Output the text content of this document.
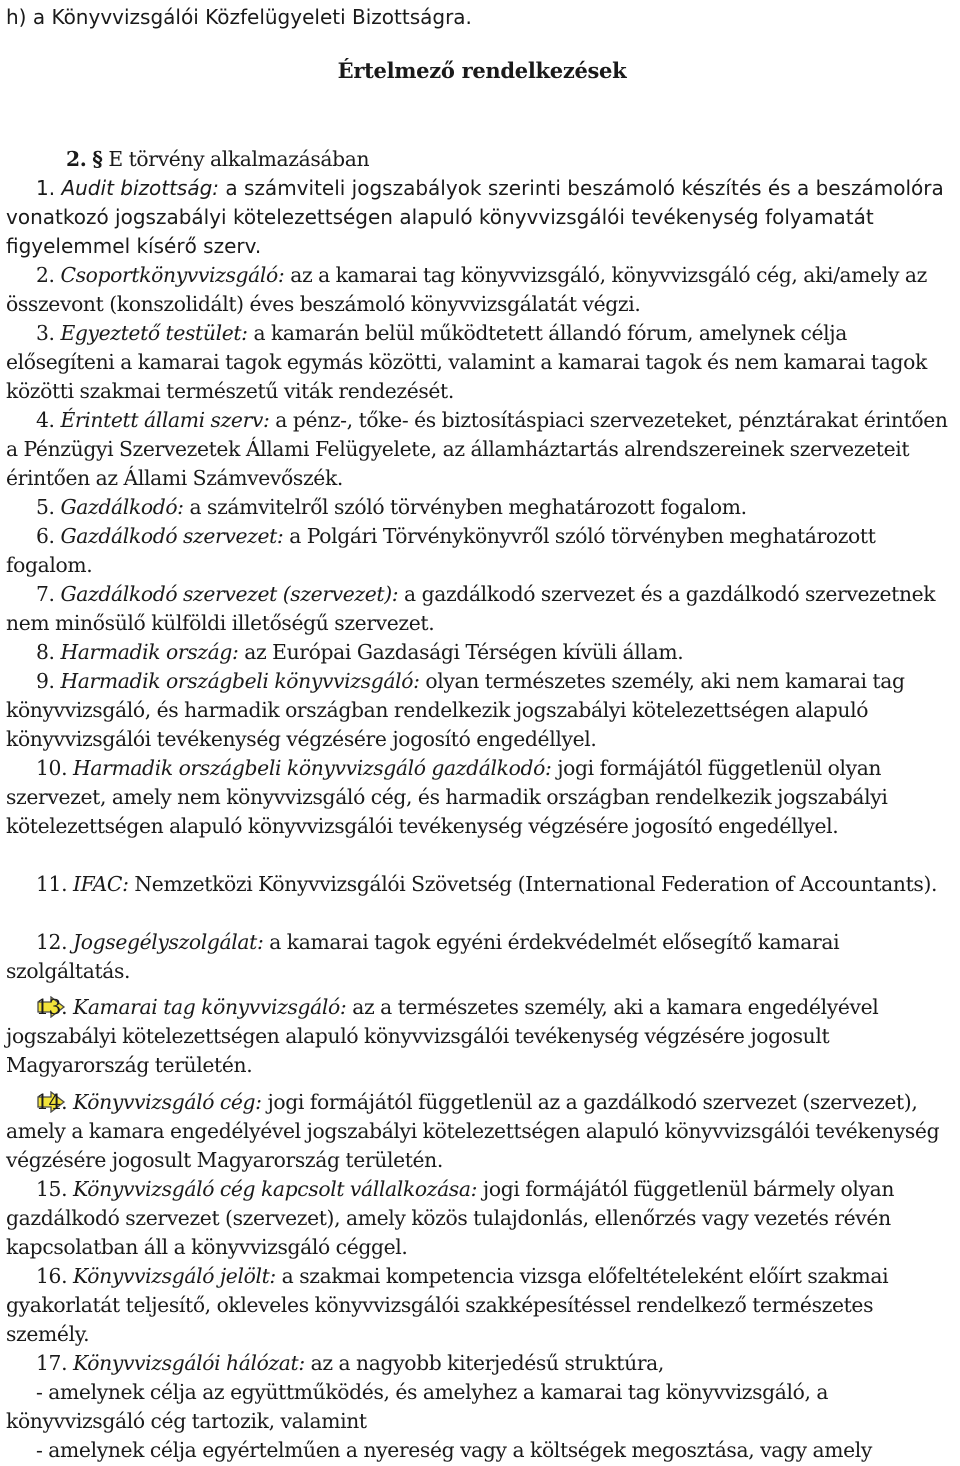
h) a Könyvvizsgálói Közfelügyeleti Bizottságra.
Értelmező rendelkezések
2. § E törvény alkalmazásában
1. Audit bizottság: a számviteli jogszabályok szerinti beszámoló készítés és a beszámolóra vonatkozó jogszabályi kötelezettségen alapuló könyvvizsgálói tevékenység folyamatát figyelemmel kísérő szerv.
2. Csoportkönyvvizsgáló: az a kamarai tag könyvvizsgáló, könyvvizsgáló cég, aki/amely az összevont (konszolidált) éves beszámoló könyvvizsgálatát végzi.
3. Egyeztető testület: a kamarán belül működtetett állandó fórum, amelynek célja elősegíteni a kamarai tagok egymás közötti, valamint a kamarai tagok és nem kamarai tagok közötti szakmai természetű viták rendezését.
4. Érintett állami szerv: a pénz-, tőke- és biztosításpiaci szervezeteket, pénztárakat érintően a Pénzügyi Szervezetek Állami Felügyelete, az államháztartás alrendszereinek szervezeteit érintően az Állami Számvevőszék.
5. Gazdálkodó: a számvitelről szóló törvényben meghatározott fogalom.
6. Gazdálkodó szervezet: a Polgári Törvénykönyvről szóló törvényben meghatározott fogalom.
7. Gazdálkodó szervezet (szervezet): a gazdálkodó szervezet és a gazdálkodó szervezetnek nem minősülő külföldi illetőségű szervezet.
8. Harmadik ország: az Európai Gazdasági Térségen kívüli állam.
9. Harmadik országbeli könyvvizsgáló: olyan természetes személy, aki nem kamarai tag könyvvizsgáló, és harmadik országban rendelkezik jogszabályi kötelezettségen alapuló könyvvizsgálói tevékenység végzésére jogosító engedéllyel.
10. Harmadik országbeli könyvvizsgáló gazdálkodó: jogi formájától függetlenül olyan szervezet, amely nem könyvvizsgáló cég, és harmadik országban rendelkezik jogszabályi kötelezettségen alapuló könyvvizsgálói tevékenység végzésére jogosító engedéllyel.
11. IFAC: Nemzetközi Könyvvizsgálói Szövetség (International Federation of Accountants).
12. Jogsegélyszolgálat: a kamarai tagok egyéni érdekvédelmét elősegítő kamarai szolgáltatás.
13. Kamarai tag könyvvizsgáló: az a természetes személy, aki a kamara engedélyével jogszabályi kötelezettségen alapuló könyvvizsgálói tevékenység végzésére jogosult Magyarország területén.
14. Könyvvizsgáló cég: jogi formájától függetlenül az a gazdálkodó szervezet (szervezet), amely a kamara engedélyével jogszabályi kötelezettségen alapuló könyvvizsgálói tevékenység végzésére jogosult Magyarország területén.
15. Könyvvizsgáló cég kapcsolt vállalkozása: jogi formájától függetlenül bármely olyan gazdálkodó szervezet (szervezet), amely közös tulajdonlás, ellenőrzés vagy vezetés révén kapcsolatban áll a könyvvizsgáló céggel.
16. Könyvvizsgáló jelölt: a szakmai kompetencia vizsga előfeltételeként előírt szakmai gyakorlatát teljesítő, okleveles könyvvizsgálói szakképesítéssel rendelkező természetes személy.
17. Könyvvizsgálói hálózat: az a nagyobb kiterjedésű struktúra,
- amelynek célja az együttműködés, és amelyhez a kamarai tag könyvvizsgáló, a könyvvizsgáló cég tartozik, valamint
- amelynek célja egyértelműen a nyereség vagy a költségek megosztása, vagy amely
